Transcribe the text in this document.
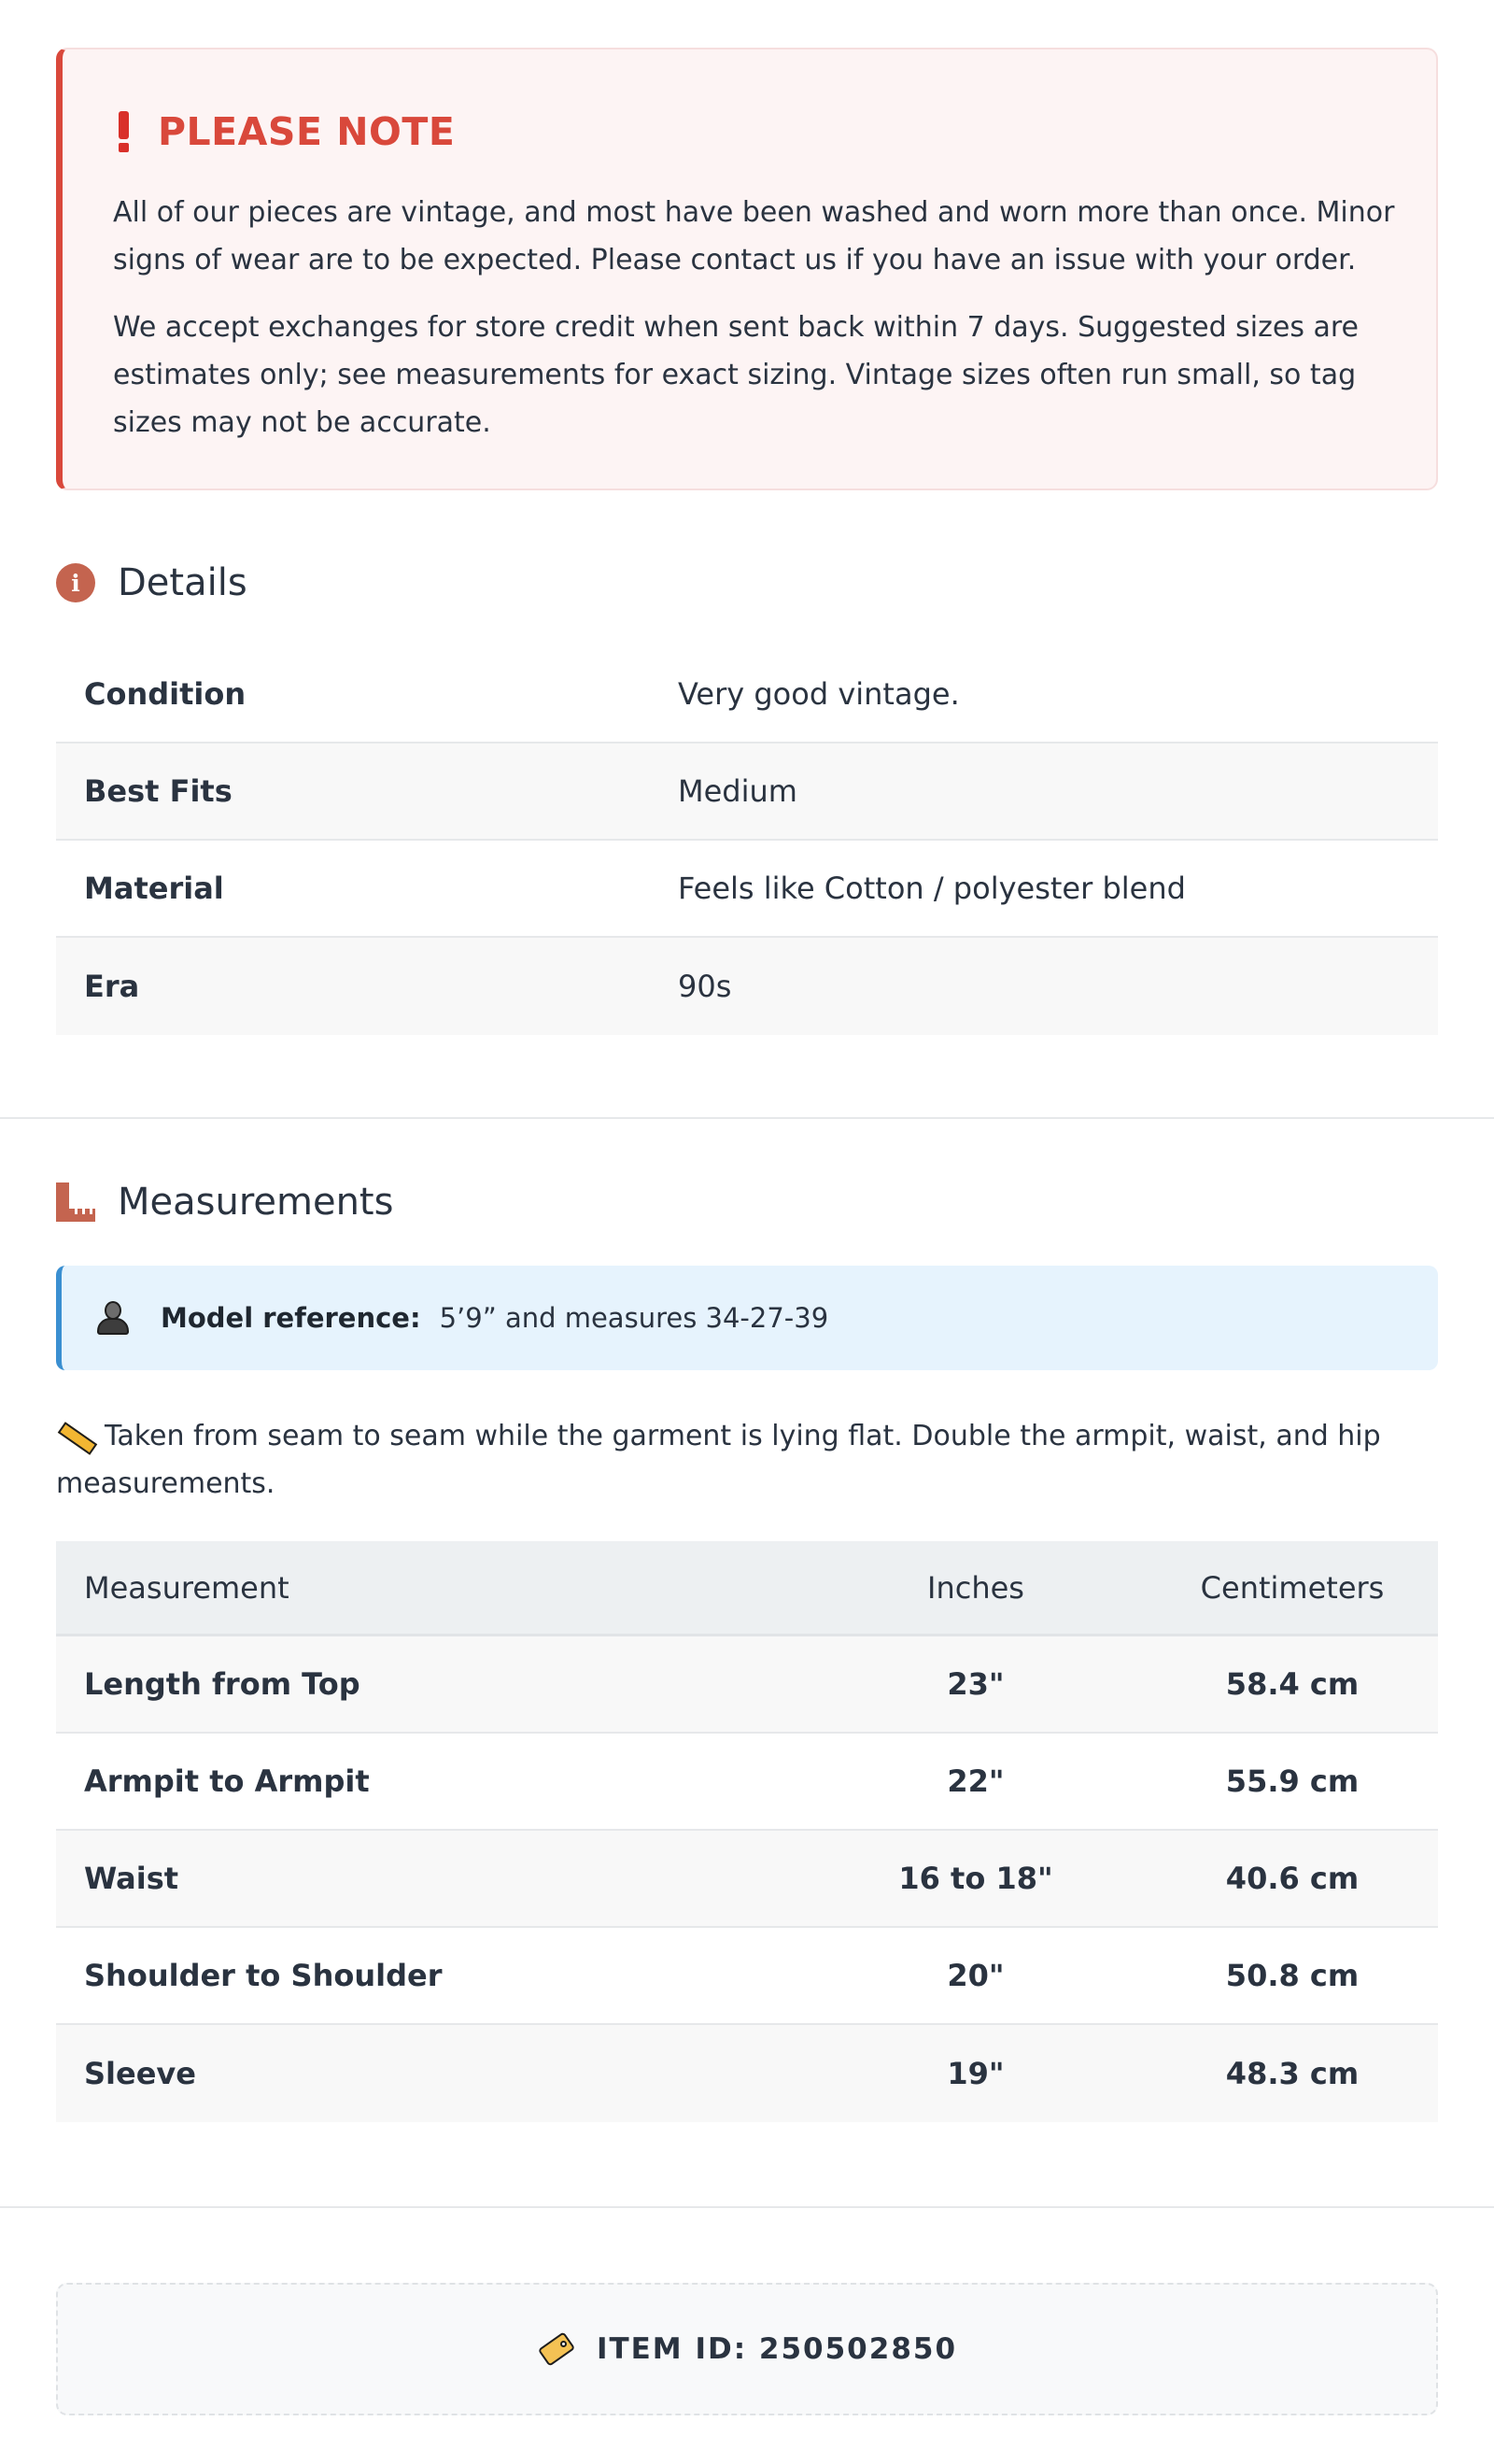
PLEASE NOTE

All of our pieces are vintage, and most have been washed and worn more than once. Minor signs of wear are to be expected. Please contact us if you have an issue with your order.

We accept exchanges for store credit when sent back within 7 days. Suggested sizes are estimates only; see measurements for exact sizing. Vintage sizes often run small, so tag sizes may not be accurate.

i	Details
Condition	Very good vintage.
Best Fits	Medium
Material	Feels like Cotton / polyester blend
Era	90s
Measurements
Model reference: 5’9” and measures 34-27-39
Taken from seam to seam while the garment is lying flat. Double the armpit, waist, and hip measurements.
Measurement	Inches	Centimeters
Length from Top	23"	58.4 cm
Armpit to Armpit	22"	55.9 cm
Waist	16 to 18"	40.6 cm
Shoulder to Shoulder	20"	50.8 cm
Sleeve	19"	48.3 cm
ITEM ID: 250502850
